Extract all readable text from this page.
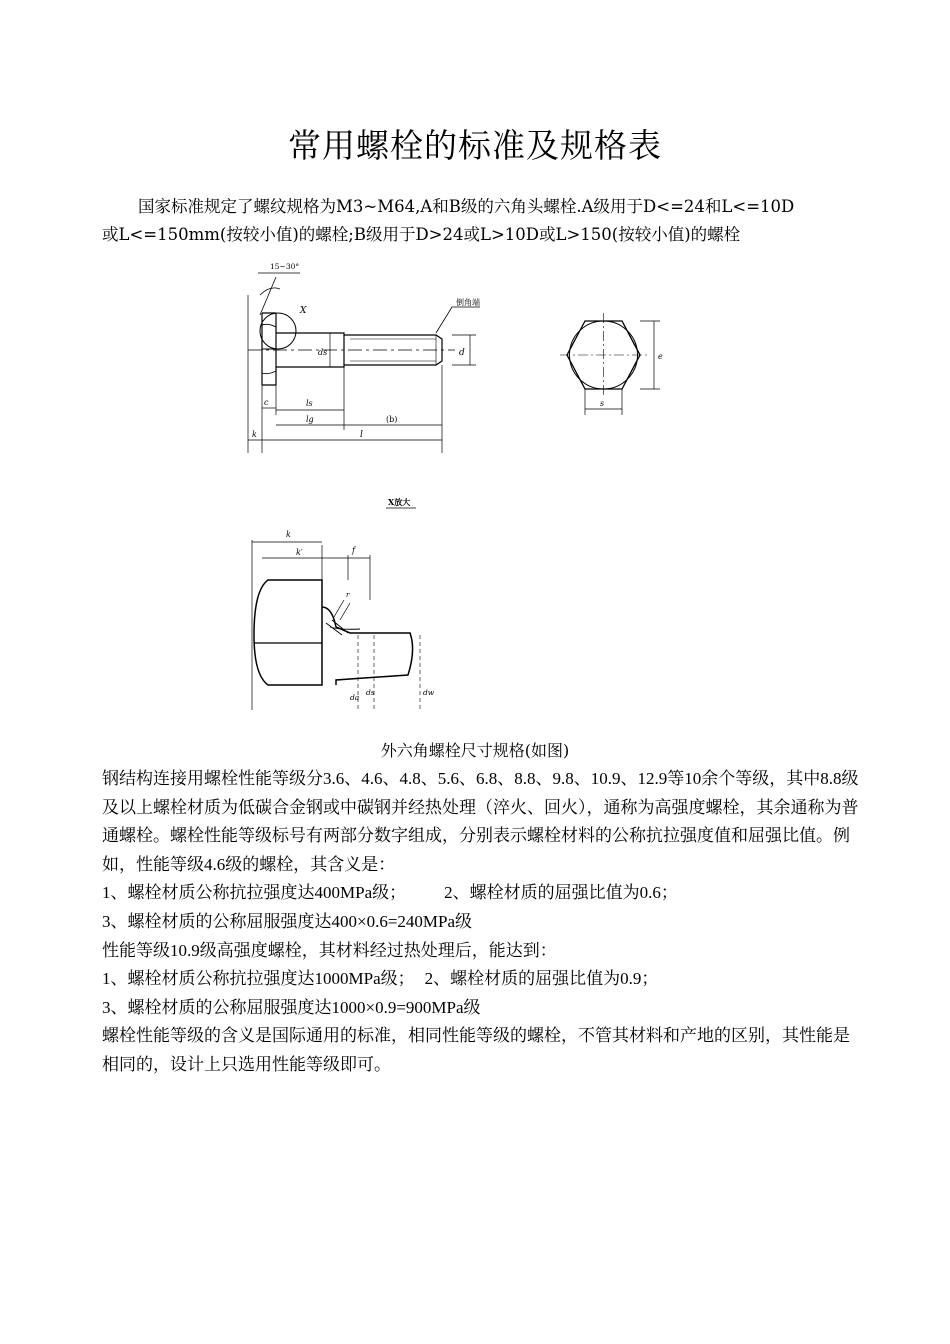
常用螺栓的标准及规格表
国家标准规定了螺纹规格为M3~M64,A和B级的六角头螺栓.A级用于D<=24和L<=10D
或L<=150mm(按较小值)的螺栓;B级用于D>24或L>10D或L>150(按较小值)的螺栓
X
15~30°
倒角端
ds	d
c	ls
lg	(b)
k	l
e
s
X放大
k
k′	f
r
da
ds	dw
外六角螺栓尺寸规格(如图)

钢结构连接用螺栓性能等级分3.6、4.6、4.8、5.6、6.8、8.8、9.8、10.9、12.9等10余个等级，其中8.8级及以上螺栓材质为低碳合金钢或中碳钢并经热处理（淬火、回火），通称为高强度螺栓，其余通称为普通螺栓。螺栓性能等级标号有两部分数字组成，分别表示螺栓材料的公称抗拉强度值和屈强比值。例如，性能等级4.6级的螺栓，其含义是：

1、螺栓材质公称抗拉强度达400MPa级； 2、螺栓材质的屈强比值为0.6；

3、螺栓材质的公称屈服强度达400×0.6=240MPa级

性能等级10.9级高强度螺栓，其材料经过热处理后，能达到：

1、螺栓材质公称抗拉强度达1000MPa级； 2、螺栓材质的屈强比值为0.9；

3、螺栓材质的公称屈服强度达1000×0.9=900MPa级

螺栓性能等级的含义是国际通用的标准，相同性能等级的螺栓，不管其材料和产地的区别，其性能是相同的，设计上只选用性能等级即可。
